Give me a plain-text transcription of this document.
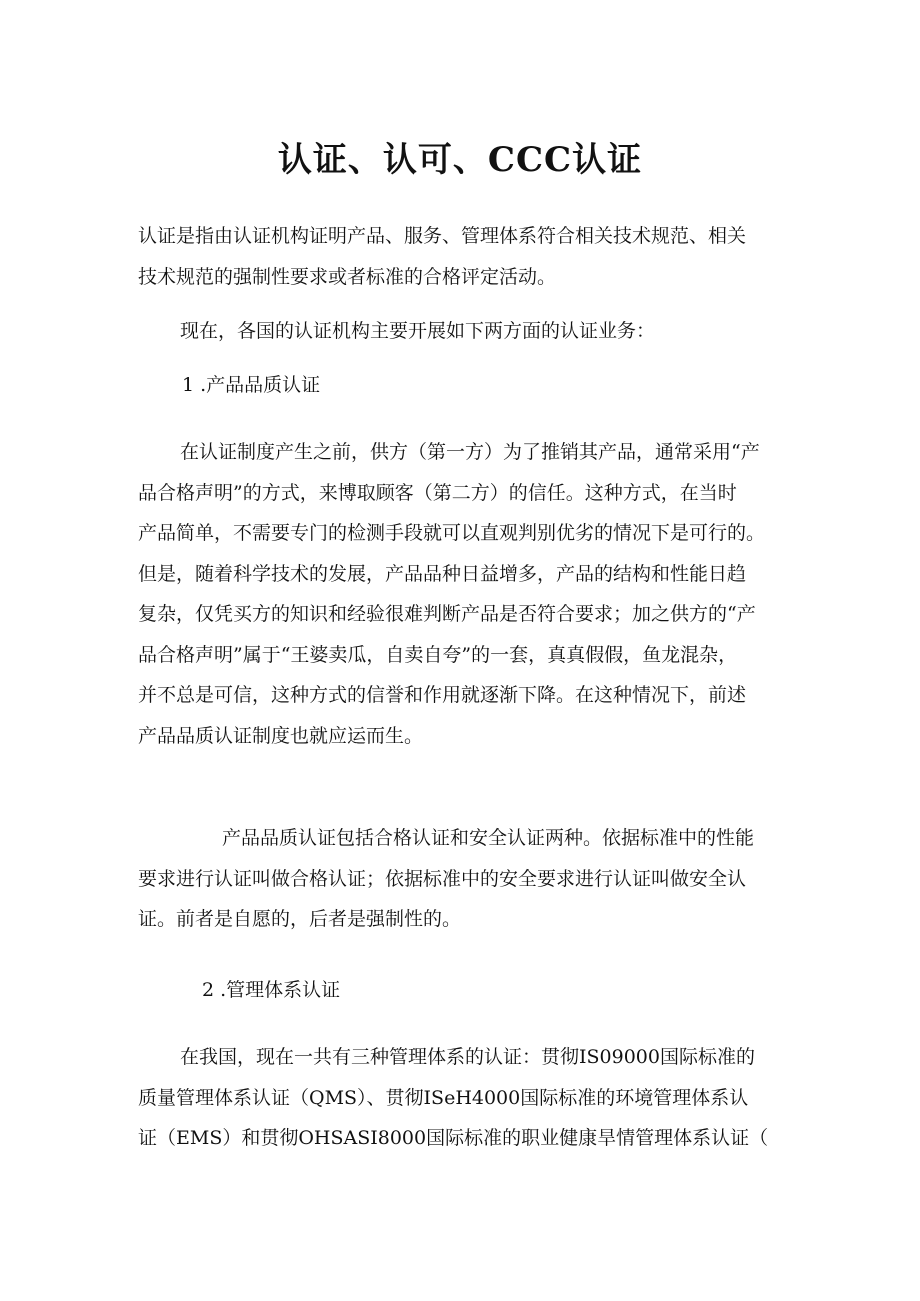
认证、认可、CCC认证
认证是指由认证机构证明产品、服务、管理体系符合相关技术规范、相关
技术规范的强制性要求或者标准的合格评定活动。
现在，各国的认证机构主要开展如下两方面的认证业务：

1 .产品品质认证

在认证制度产生之前，供方（第一方）为了推销其产品，通常采用“产
品合格声明”的方式，来博取顾客（第二方）的信任。这种方式，在当时
产品简单，不需要专门的检测手段就可以直观判别优劣的情况下是可行的。
但是，随着科学技术的发展，产品品种日益增多，产品的结构和性能日趋
复杂，仅凭买方的知识和经验很难判断产品是否符合要求；加之供方的“产
品合格声明”属于“王婆卖瓜，自卖自夸”的一套，真真假假，鱼龙混杂，
并不总是可信，这种方式的信誉和作用就逐渐下降。在这种情况下，前述
产品品质认证制度也就应运而生。
产品品质认证包括合格认证和安全认证两种。依据标准中的性能
要求进行认证叫做合格认证；依据标准中的安全要求进行认证叫做安全认
证。前者是自愿的，后者是强制性的。

2 .管理体系认证

在我国，现在一共有三种管理体系的认证：贯彻IS09000国际标准的
质量管理体系认证（QMS）、贯彻ISeH4000国际标准的环境管理体系认
证（EMS）和贯彻OHSASI8000国际标准的职业健康旱情管理体系认证（
